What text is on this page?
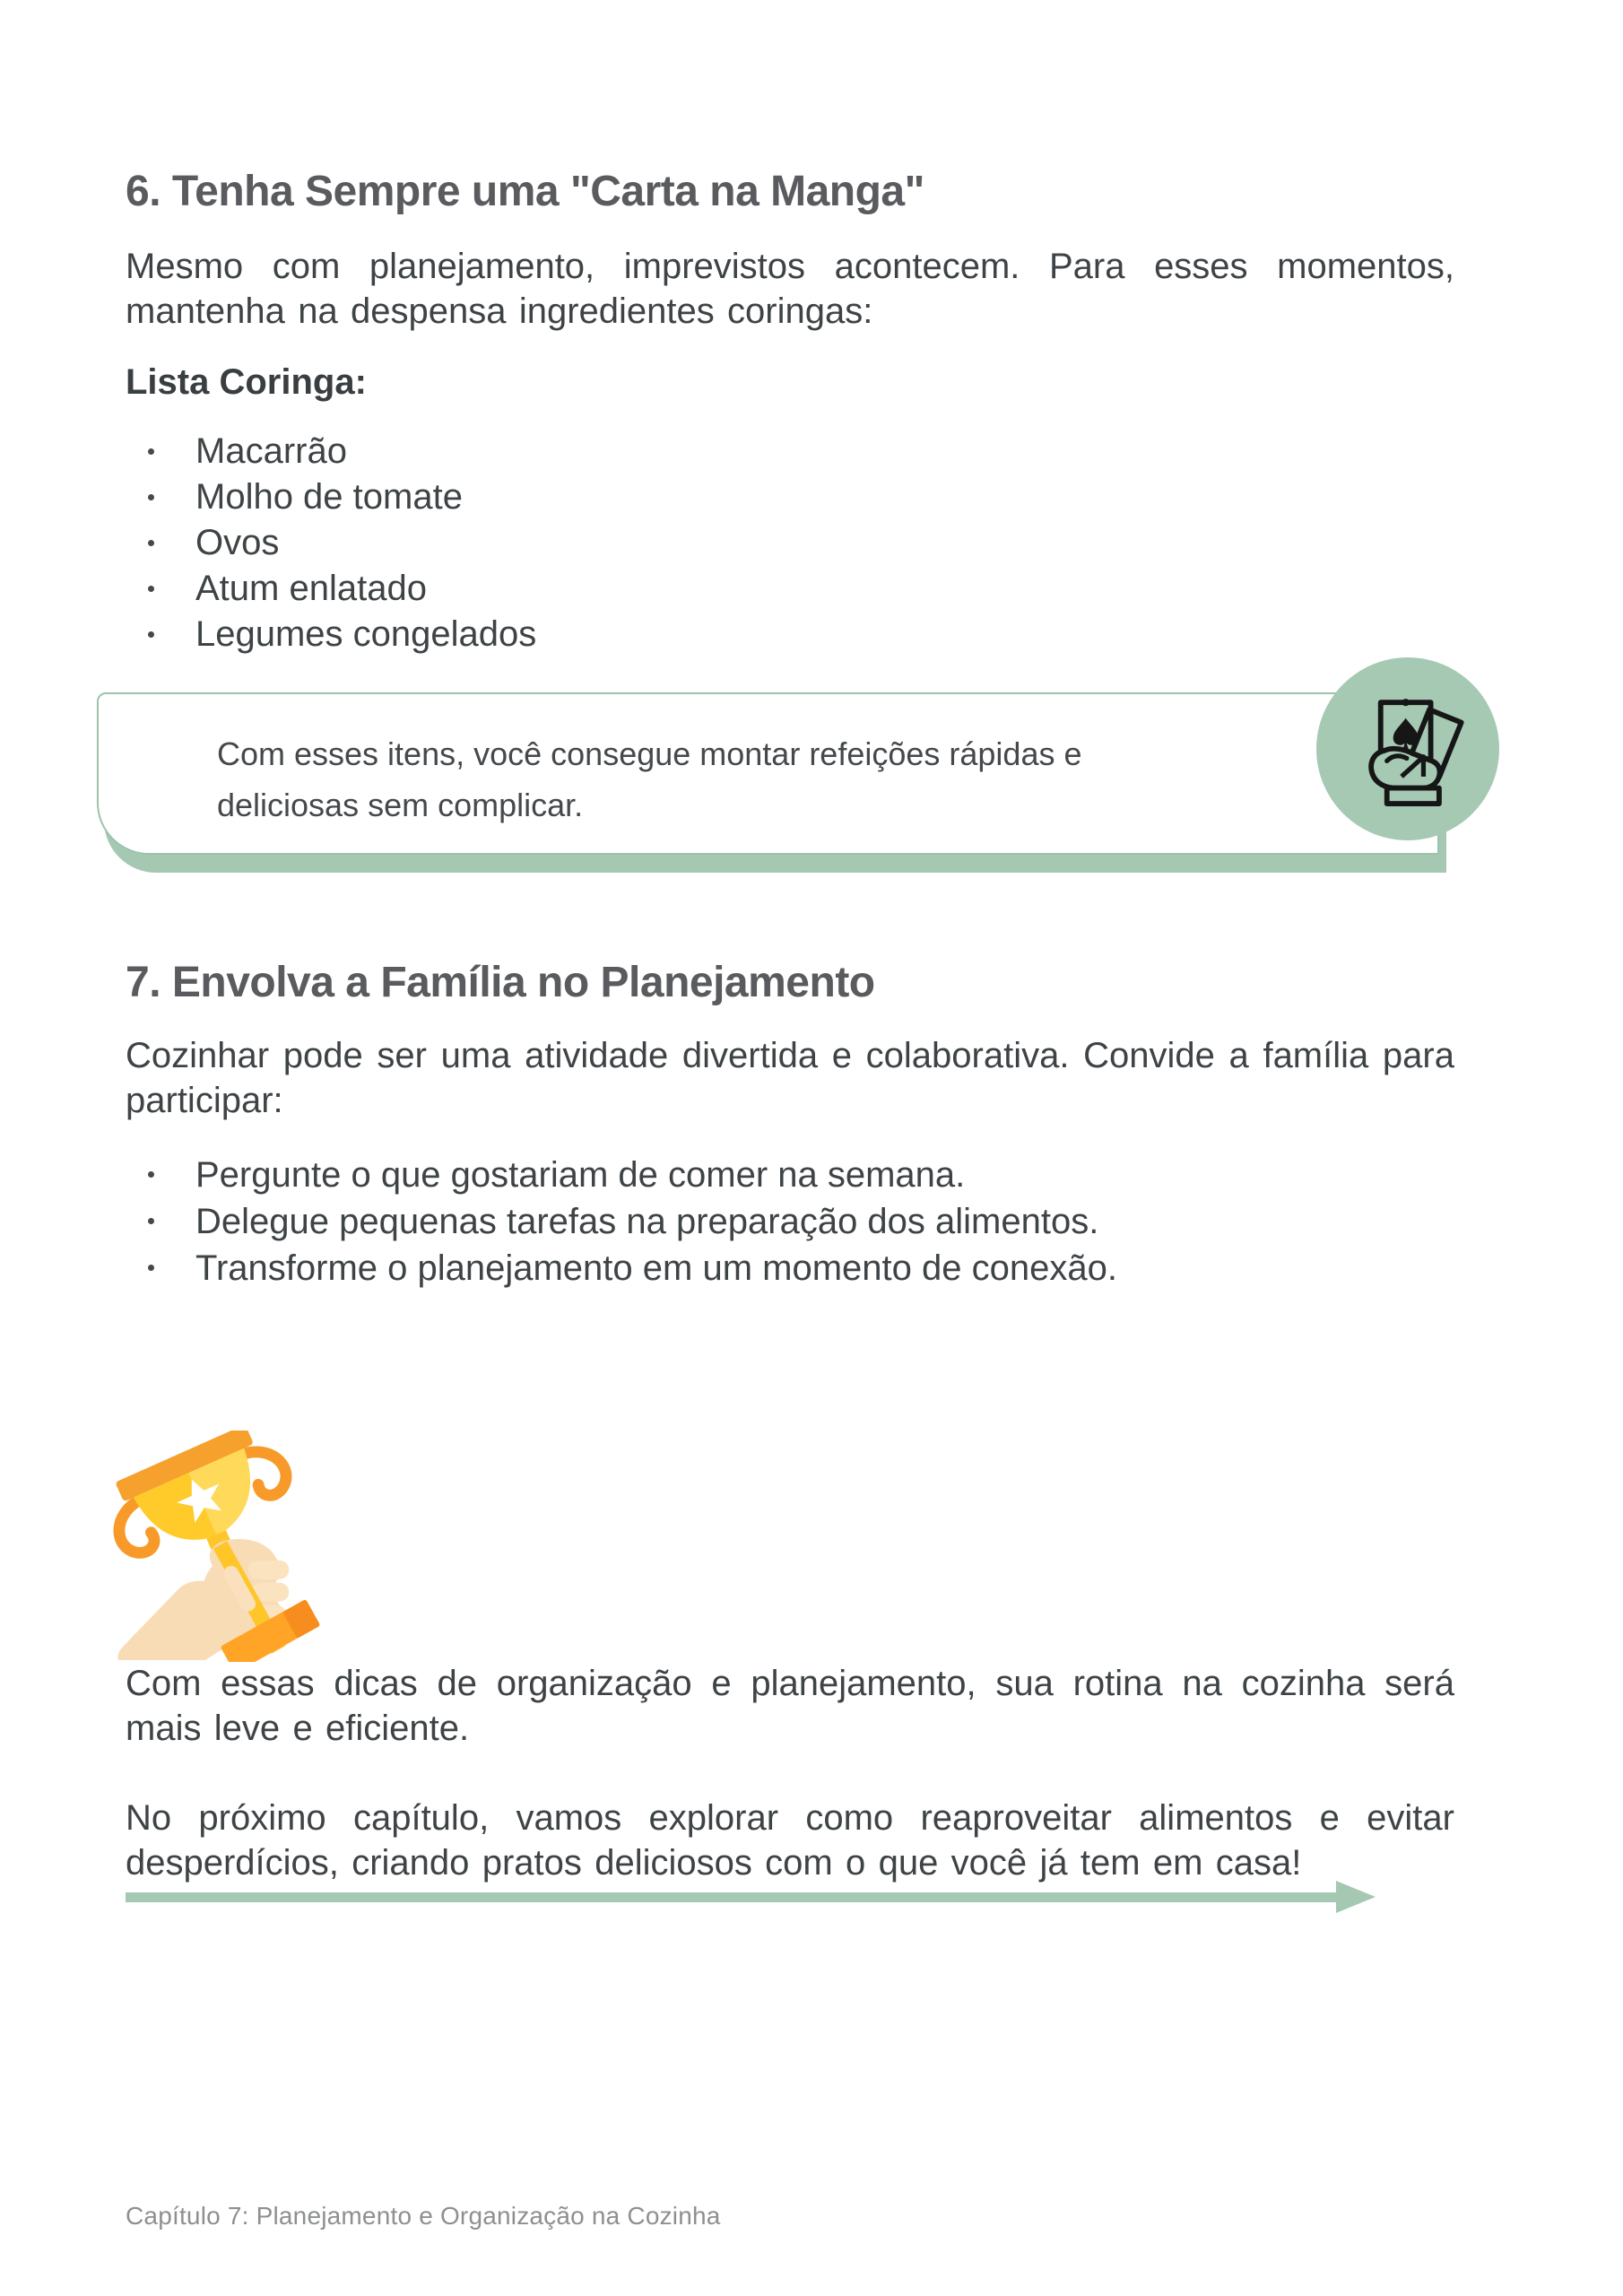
6. Tenha Sempre uma "Carta na Manga"

Mesmo com planejamento, imprevistos acontecem. Para esses momentos, mantenha na despensa ingredientes coringas:

Lista Coringa:
Macarrão
Molho de tomate
Ovos
Atum enlatado
Legumes congelados
Com esses itens, você consegue montar refeições rápidas e deliciosas sem complicar.
7. Envolva a Família no Planejamento

Cozinhar pode ser uma atividade divertida e colaborativa. Convide a família para participar:

Pergunte o que gostariam de comer na semana.
Delegue pequenas tarefas na preparação dos alimentos.
Transforme o planejamento em um momento de conexão.

Com essas dicas de organização e planejamento, sua rotina na cozinha será mais leve e eficiente.

No próximo capítulo, vamos explorar como reaproveitar alimentos e evitar desperdícios, criando pratos deliciosos com o que você já tem em casa!

Capítulo 7: Planejamento e Organização na Cozinha
